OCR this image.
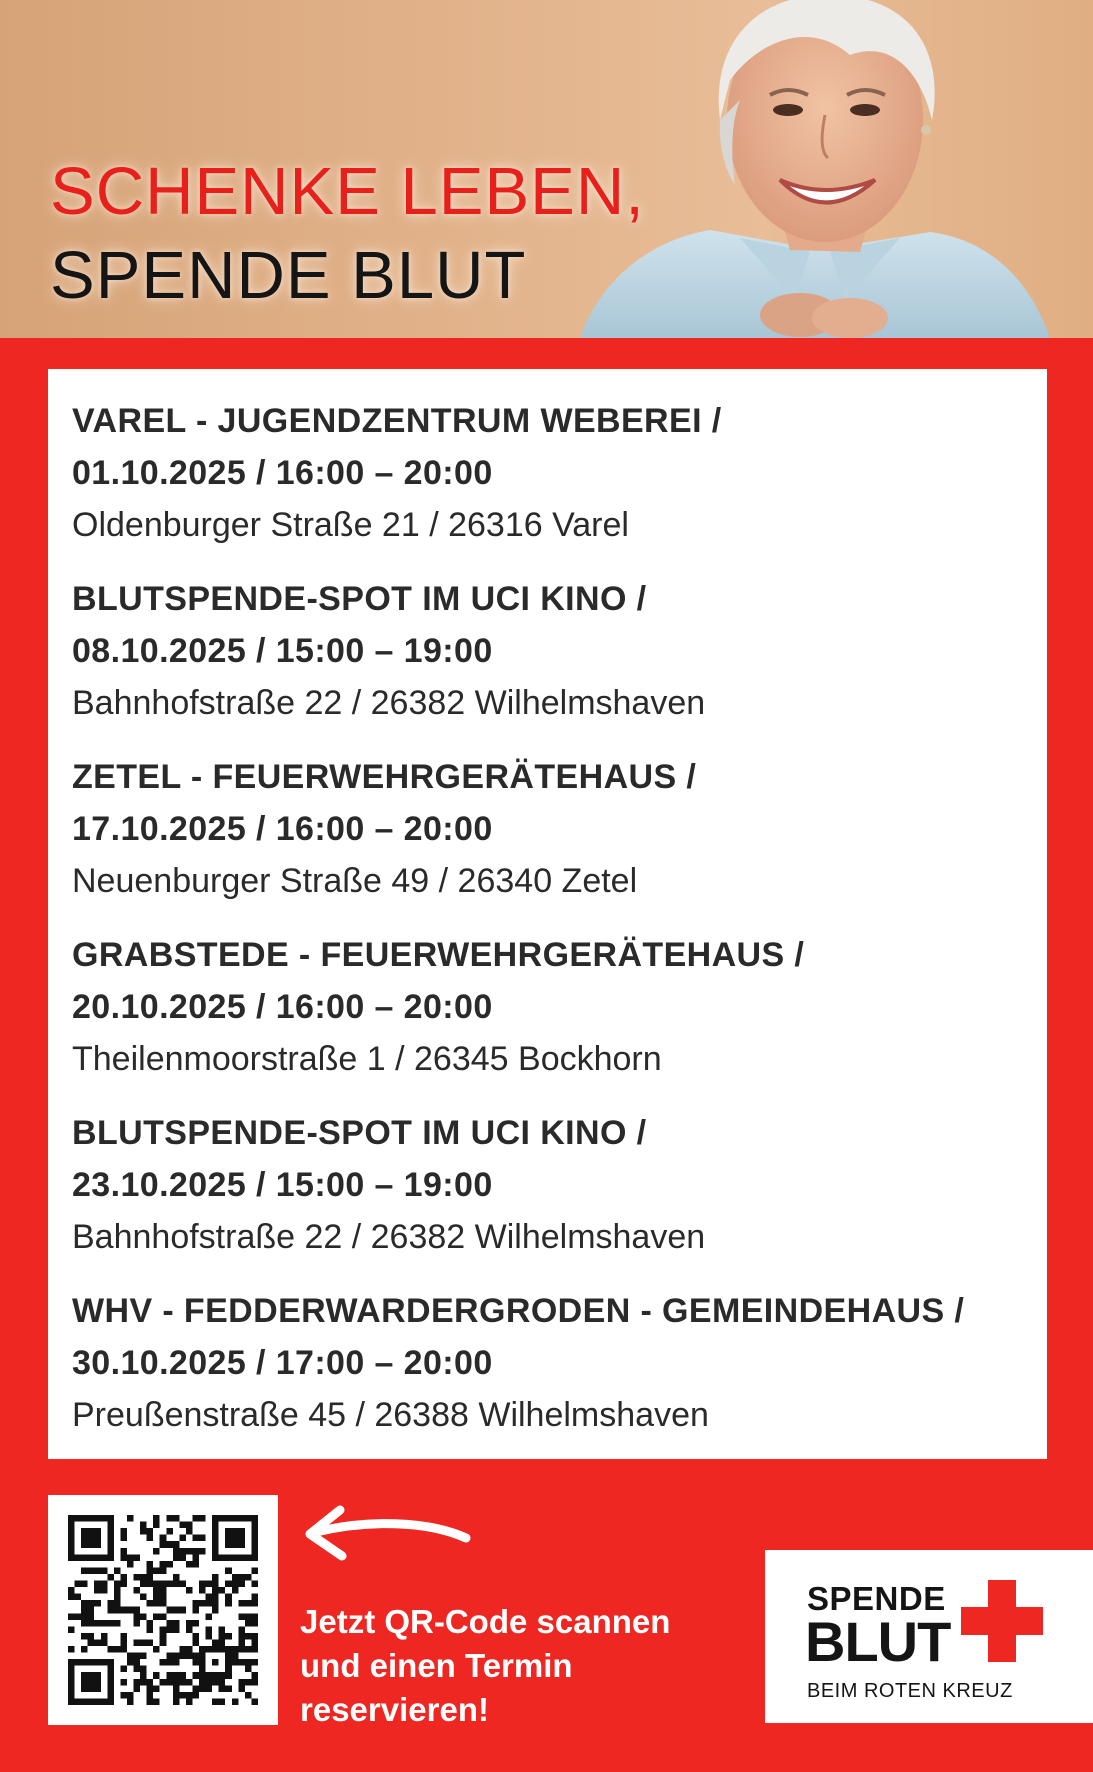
SCHENKE LEBEN,
SPENDE BLUT
VAREL - JUGENDZENTRUM WEBEREI /
01.10.2025 / 16:00 – 20:00
Oldenburger Straße 21 / 26316 Varel
BLUTSPENDE-SPOT IM UCI KINO /
08.10.2025 / 15:00 – 19:00
Bahnhofstraße 22 / 26382 Wilhelmshaven
ZETEL - FEUERWEHRGERÄTEHAUS /
17.10.2025 / 16:00 – 20:00
Neuenburger Straße 49 / 26340 Zetel
GRABSTEDE - FEUERWEHRGERÄTEHAUS /
20.10.2025 / 16:00 – 20:00
Theilenmoorstraße 1 / 26345 Bockhorn
BLUTSPENDE-SPOT IM UCI KINO /
23.10.2025 / 15:00 – 19:00
Bahnhofstraße 22 / 26382 Wilhelmshaven
WHV - FEDDERWARDERGRODEN - GEMEINDEHAUS /
30.10.2025 / 17:00 – 20:00
Preußenstraße 45 / 26388 Wilhelmshaven
Jetzt QR-Code scannen
und einen Termin
reservieren!
SPENDE
BLUT
BEIM ROTEN KREUZ
